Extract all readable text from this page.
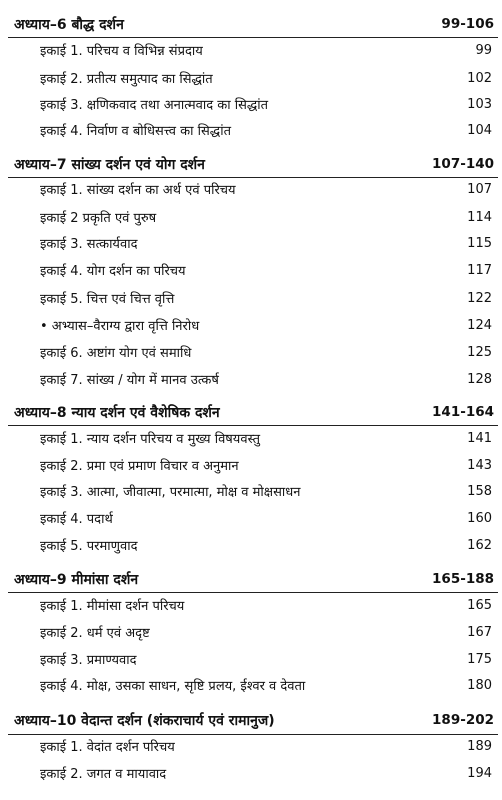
अध्याय–6 बौद्ध दर्शन	99-106
इकाई 1. परिचय व विभिन्न संप्रदाय	99
इकाई 2. प्रतीत्य समुत्पाद का सिद्धांत	102
इकाई 3. क्षणिकवाद तथा अनात्मवाद का सिद्धांत	103
इकाई 4. निर्वाण व बोधिसत्त्व का सिद्धांत	104
अध्याय–7 सांख्य दर्शन एवं योग दर्शन	107-140
इकाई 1. सांख्य दर्शन का अर्थ एवं परिचय	107
इकाई 2 प्रकृति एवं पुरुष	114
इकाई 3. सत्कार्यवाद	115
इकाई 4. योग दर्शन का परिचय	117
इकाई 5. चित्त एवं चित्त वृत्ति	122
• अभ्यास–वैराग्य द्वारा वृत्ति निरोध	124
इकाई 6. अष्टांग योग एवं समाधि	125
इकाई 7. सांख्य / योग में मानव उत्कर्ष	128
अध्याय–8 न्याय दर्शन एवं वैशेषिक दर्शन	141-164
इकाई 1. न्याय दर्शन परिचय व मुख्य विषयवस्तु	141
इकाई 2. प्रमा एवं प्रमाण विचार व अनुमान	143
इकाई 3. आत्मा, जीवात्मा, परमात्मा, मोक्ष व मोक्षसाधन	158
इकाई 4. पदार्थ	160
इकाई 5. परमाणुवाद	162
अध्याय–9 मीमांसा दर्शन	165-188
इकाई 1. मीमांसा दर्शन परिचय	165
इकाई 2. धर्म एवं अदृष्ट	167
इकाई 3. प्रमाण्यवाद	175
इकाई 4. मोक्ष, उसका साधन, सृष्टि प्रलय, ईश्वर व देवता	180
अध्याय–10 वेदान्त दर्शन (शंकराचार्य एवं रामानुज)	189-202
इकाई 1. वेदांत दर्शन परिचय	189
इकाई 2. जगत व मायावाद	194
